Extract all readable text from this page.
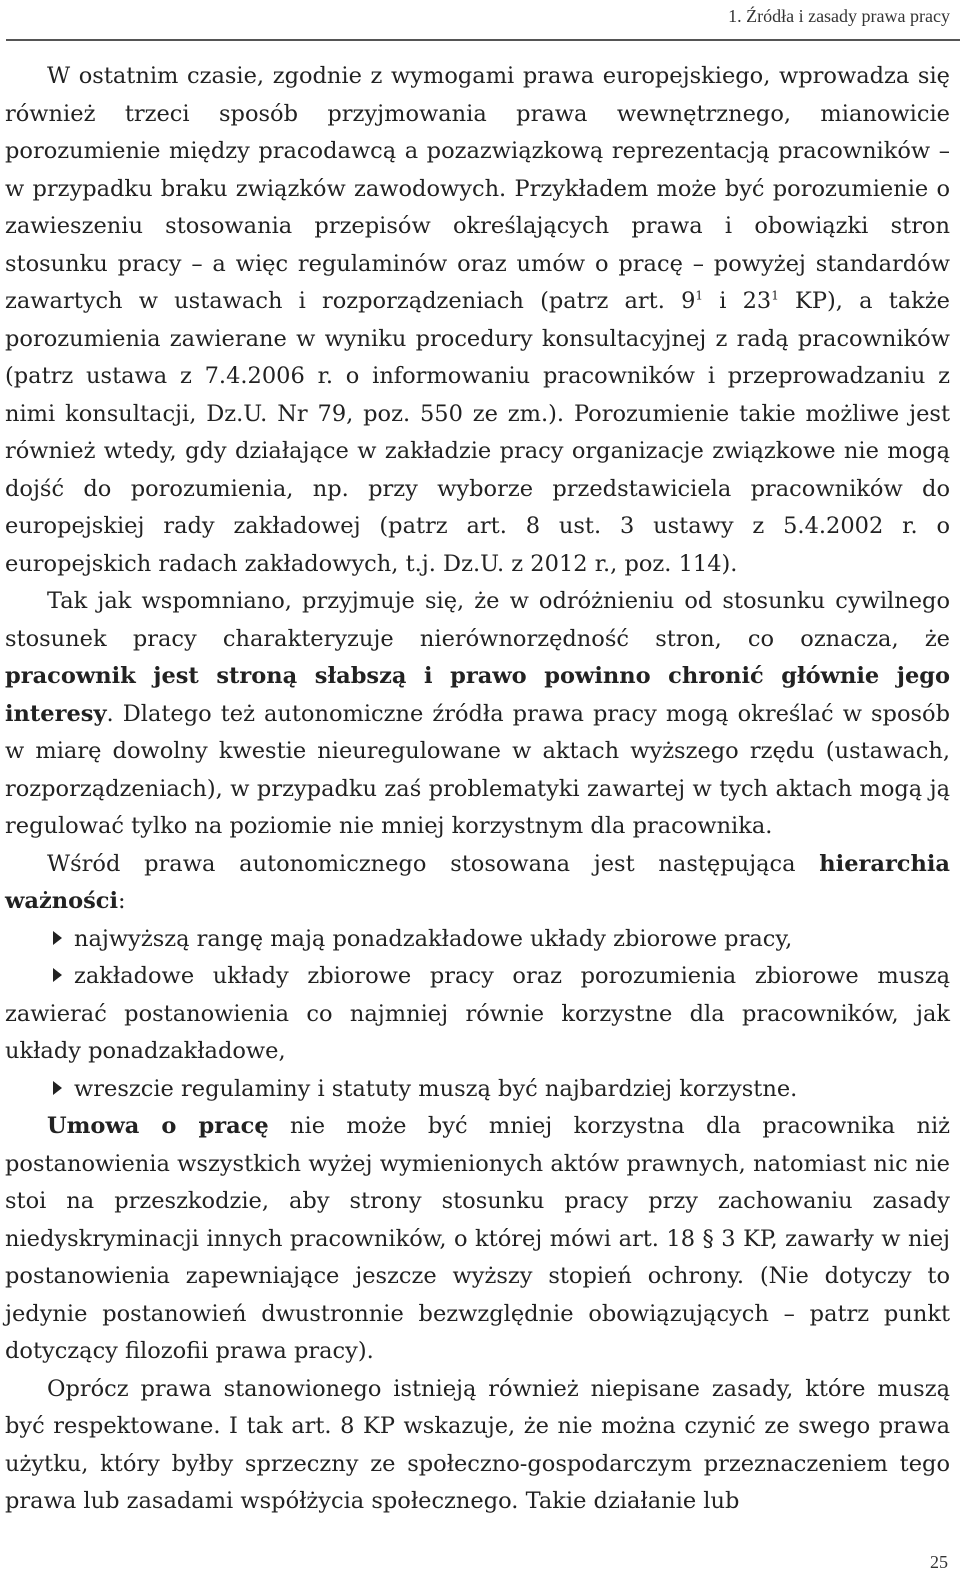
1. Źródła i zasady prawa pracy

W ostatnim czasie, zgodnie z wymogami prawa europejskiego, wprowadza się również trzeci sposób przyjmowania prawa wewnętrznego, mianowicie porozumienie między pracodawcą a pozazwiązkową reprezentacją pracowników – w przypadku braku związków zawodowych. Przykładem może być porozumienie o zawieszeniu stosowania przepisów określających prawa i obowiązki stron stosunku pracy – a więc regulaminów oraz umów o pracę – powyżej standardów zawartych w ustawach i rozporządzeniach (patrz art. $9^1$ i $23^1$ KP), a także porozumienia zawierane w wyniku procedury konsultacyjnej z radą pracowników (patrz ustawa z 7.4.2006 r. o informowaniu pracowników i przeprowadzaniu z nimi konsultacji, Dz.U. Nr 79, poz. 550 ze zm.). Porozumienie takie możliwe jest również wtedy, gdy działające w zakładzie pracy organizacje związkowe nie mogą dojść do porozumienia, np. przy wyborze przedstawiciela pracowników do europejskiej rady zakładowej (patrz art. 8 ust. 3 ustawy z 5.4.2002 r. o europejskich radach zakładowych, t.j. Dz.U. z 2012 r., poz. 114).

Tak jak wspomniano, przyjmuje się, że w odróżnieniu od stosunku cywilnego stosunek pracy charakteryzuje nierównorzędność stron, co oznacza, że pracownik jest stroną słabszą i prawo powinno chronić głównie jego interesy. Dlatego też autonomiczne źródła prawa pracy mogą określać w sposób w miarę dowolny kwestie nieuregulowane w aktach wyższego rzędu (ustawach, rozporządzeniach), w przypadku zaś problematyki zawartej w tych aktach mogą ją regulować tylko na poziomie nie mniej korzystnym dla pracownika.

Wśród prawa autonomicznego stosowana jest następująca hierarchia ważności:

najwyższą rangę mają ponadzakładowe układy zbiorowe pracy,

zakładowe układy zbiorowe pracy oraz porozumienia zbiorowe muszą zawierać postanowienia co najmniej równie korzystne dla pracowników, jak układy ponadzakładowe,

wreszcie regulaminy i statuty muszą być najbardziej korzystne.

Umowa o pracę nie może być mniej korzystna dla pracownika niż postanowienia wszystkich wyżej wymienionych aktów prawnych, natomiast nic nie stoi na przeszkodzie, aby strony stosunku pracy przy zachowaniu zasady niedyskryminacji innych pracowników, o której mówi art. 18 § 3 KP, zawarły w niej postanowienia zapewniające jeszcze wyższy stopień ochrony. (Nie dotyczy to jedynie postanowień dwustronnie bezwzględnie obowiązujących – patrz punkt dotyczący filozofii prawa pracy).

Oprócz prawa stanowionego istnieją również niepisane zasady, które muszą być respektowane. I tak art. 8 KP wskazuje, że nie można czynić ze swego prawa użytku, który byłby sprzeczny ze społeczno-gospodarczym przeznaczeniem tego prawa lub zasadami współżycia społecznego. Takie działanie lub

25
